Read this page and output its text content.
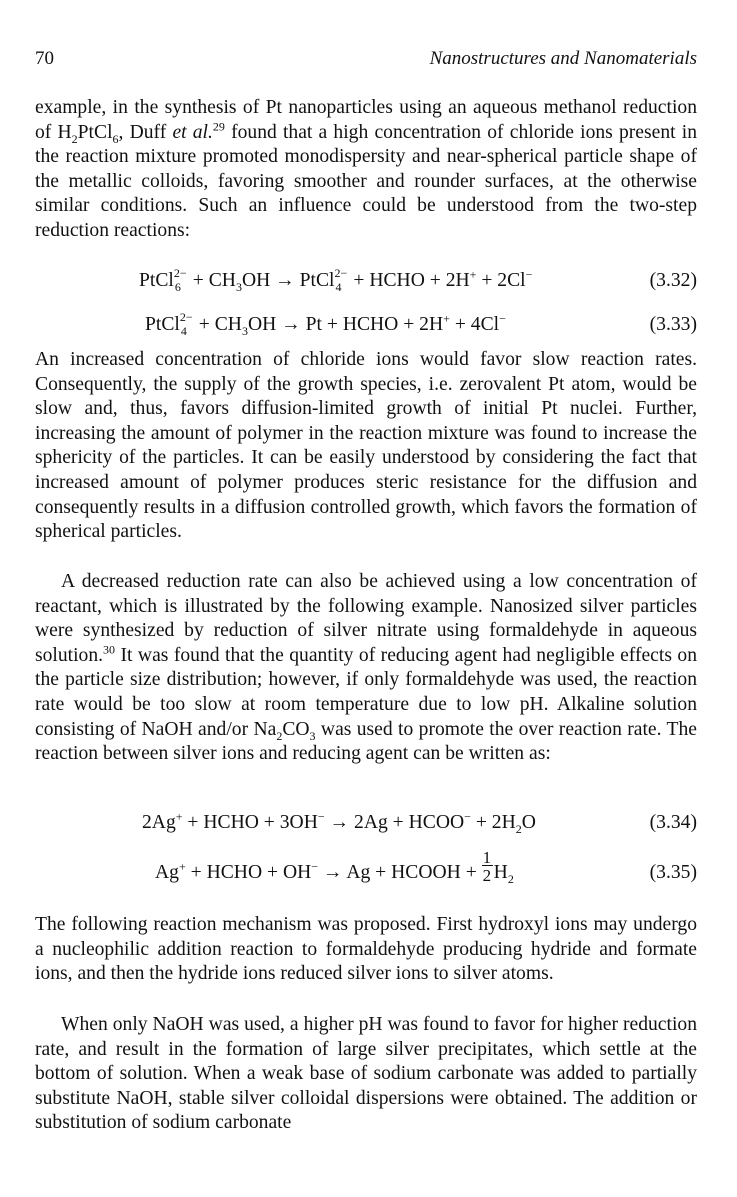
70	Nanostructures and Nanomaterials

example, in the synthesis of Pt nanoparticles using an aqueous methanol reduction of $H_2PtCl_6$, Duff et al.$^{29}$ found that a high concentration of chloride ions present in the reaction mixture promoted monodispersity and near-spherical particle shape of the metallic colloids, favoring smoother and rounder surfaces, at the otherwise similar conditions. Such an influence could be understood from the two-step reduction reactions:

PtCl 2−
$6 + CH_3OH$ → PtCl 2−
4 + HCHO + 2H+ + 2Cl−	(3.32)
PtCl 2−
$4 + CH_3OH \to Pt$ + HCHO + 2H+ + 4Cl−	(3.33)

An increased concentration of chloride ions would favor slow reaction rates. Consequently, the supply of the growth species, i.e. zerovalent Pt atom, would be slow and, thus, favors diffusion-limited growth of initial Pt nuclei. Further, increasing the amount of polymer in the reaction mixture was found to increase the sphericity of the particles. It can be easily understood by considering the fact that increased amount of polymer produces steric resistance for the diffusion and consequently results in a diffusion controlled growth, which favors the formation of spherical particles.

A decreased reduction rate can also be achieved using a low concentration of reactant, which is illustrated by the following example. Nanosized silver particles were synthesized by reduction of silver nitrate using formaldehyde in aqueous solution.$^{30}$ It was found that the quantity of reducing agent had negligible effects on the particle size distribution; however, if only formaldehyde was used, the reaction rate would be too slow at room temperature due to low pH. Alkaline solution consisting of NaOH and/or $Na_2CO_3$ was used to promote the over reaction rate. The reaction between silver ions and reducing agent can be written as:

2Ag+ + HCHO + 3OH− → 2Ag + HCOO− + $2H_2O$	(3.34)
Ag+ + HCHO + OH− → Ag + HCOOH + $\frac{1}{2} H_2$	(3.35)

The following reaction mechanism was proposed. First hydroxyl ions may undergo a nucleophilic addition reaction to formaldehyde producing hydride and formate ions, and then the hydride ions reduced silver ions to silver atoms.

When only NaOH was used, a higher pH was found to favor for higher reduction rate, and result in the formation of large silver precipitates, which settle at the bottom of solution. When a weak base of sodium carbonate was added to partially substitute NaOH, stable silver colloidal dispersions were obtained. The addition or substitution of sodium carbonate
